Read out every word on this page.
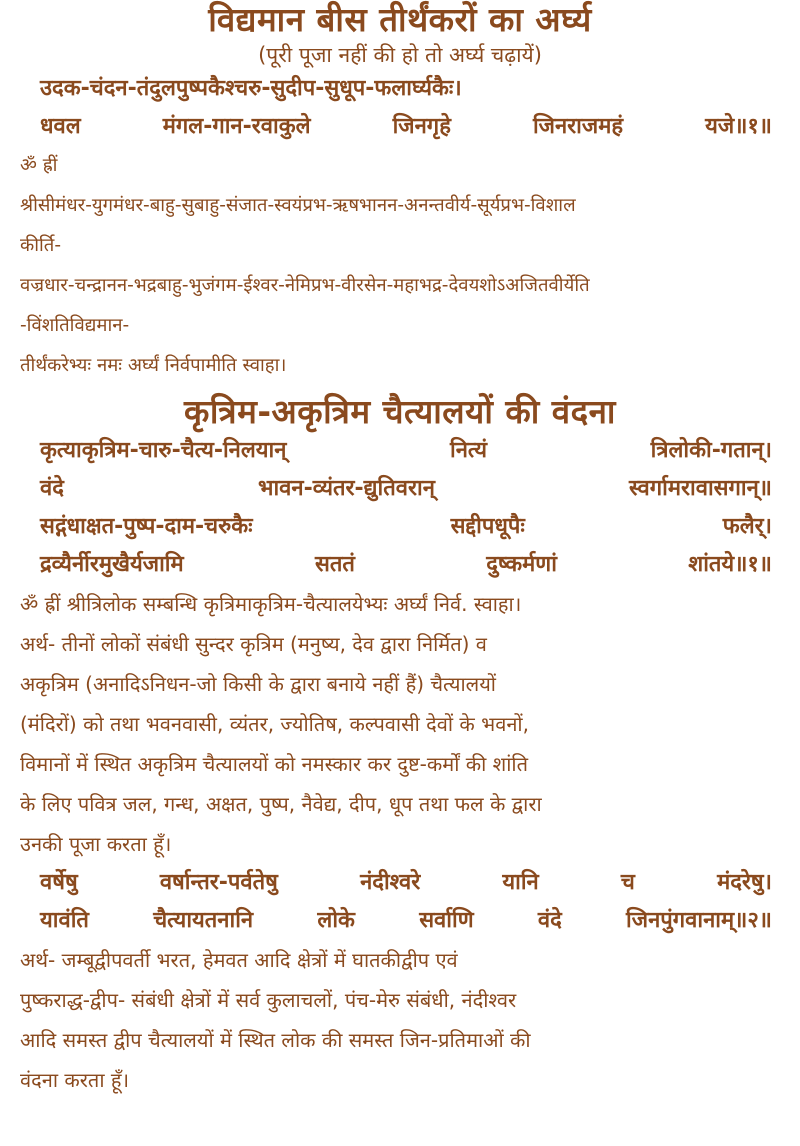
विद्यमान बीस तीर्थंकरों का अर्घ्य

(पूरी पूजा नहीं की हो तो अर्घ्य चढ़ायें)

उदक-चंदन-तंदुलपुष्पकैश्चरु-सुदीप-सुधूप-फलार्घ्यकैः।
धवल	मंगल-गान-रवाकुले	जिनगृहे	जिनराजमहं	यजे॥१॥

ॐ ह्रीं

श्रीसीमंधर-युगमंधर-बाहु-सुबाहु-संजात-स्वयंप्रभ-ऋषभानन-अनन्तवीर्य-सूर्यप्रभ-विशाल

कीर्ति-

वज्रधार-चन्द्रानन-भद्रबाहु-भुजंगम-ईश्वर-नेमिप्रभ-वीरसेन-महाभद्र-देवयशोऽअजितवीर्येति

-विंशतिविद्यमान-

तीर्थंकरेभ्यः नमः अर्घ्यं निर्वपामीति स्वाहा।

कृत्रिम-अकृत्रिम चैत्यालयों की वंदना
कृत्याकृत्रिम-चारु-चैत्य-निलयान्	नित्यं	त्रिलोकी-गतान्।
वंदे	भावन-व्यंतर-द्युतिवरान्	स्वर्गामरावासगान्॥
सद्गंधाक्षत-पुष्प-दाम-चरुकैः	सद्दीपधूपैः	फलैर्।
द्रव्यैर्नीरमुखैर्यजामि	सततं	दुष्कर्मणां	शांतये॥१॥

ॐ ह्रीं श्रीत्रिलोक सम्बन्धि कृत्रिमाकृत्रिम-चैत्यालयेभ्यः अर्घ्यं निर्व. स्वाहा।

अर्थ- तीनों लोकों संबंधी सुन्दर कृत्रिम (मनुष्य, देव द्वारा निर्मित) व

अकृत्रिम (अनादिऽनिधन-जो किसी के द्वारा बनाये नहीं हैं) चैत्यालयों

(मंदिरों) को तथा भवनवासी, व्यंतर, ज्योतिष, कल्पवासी देवों के भवनों,

विमानों में स्थित अकृत्रिम चैत्यालयों को नमस्कार कर दुष्ट-कर्मों की शांति

के लिए पवित्र जल, गन्ध, अक्षत, पुष्प, नैवेद्य, दीप, धूप तथा फल के द्वारा

उनकी पूजा करता हूँ।

वर्षेषु	वर्षान्तर-पर्वतेषु	नंदीश्वरे	यानि	च	मंदरेषु।
यावंति	चैत्यायतनानि	लोके	सर्वाणि	वंदे	जिनपुंगवानाम्॥२॥

अर्थ- जम्बूद्वीपवर्ती भरत, हेमवत आदि क्षेत्रों में घातकीद्वीप एवं

पुष्कराद्ध-द्वीप- संबंधी क्षेत्रों में सर्व कुलाचलों, पंच-मेरु संबंधी, नंदीश्वर

आदि समस्त द्वीप चैत्यालयों में स्थित लोक की समस्त जिन-प्रतिमाओं की

वंदना करता हूँ।
